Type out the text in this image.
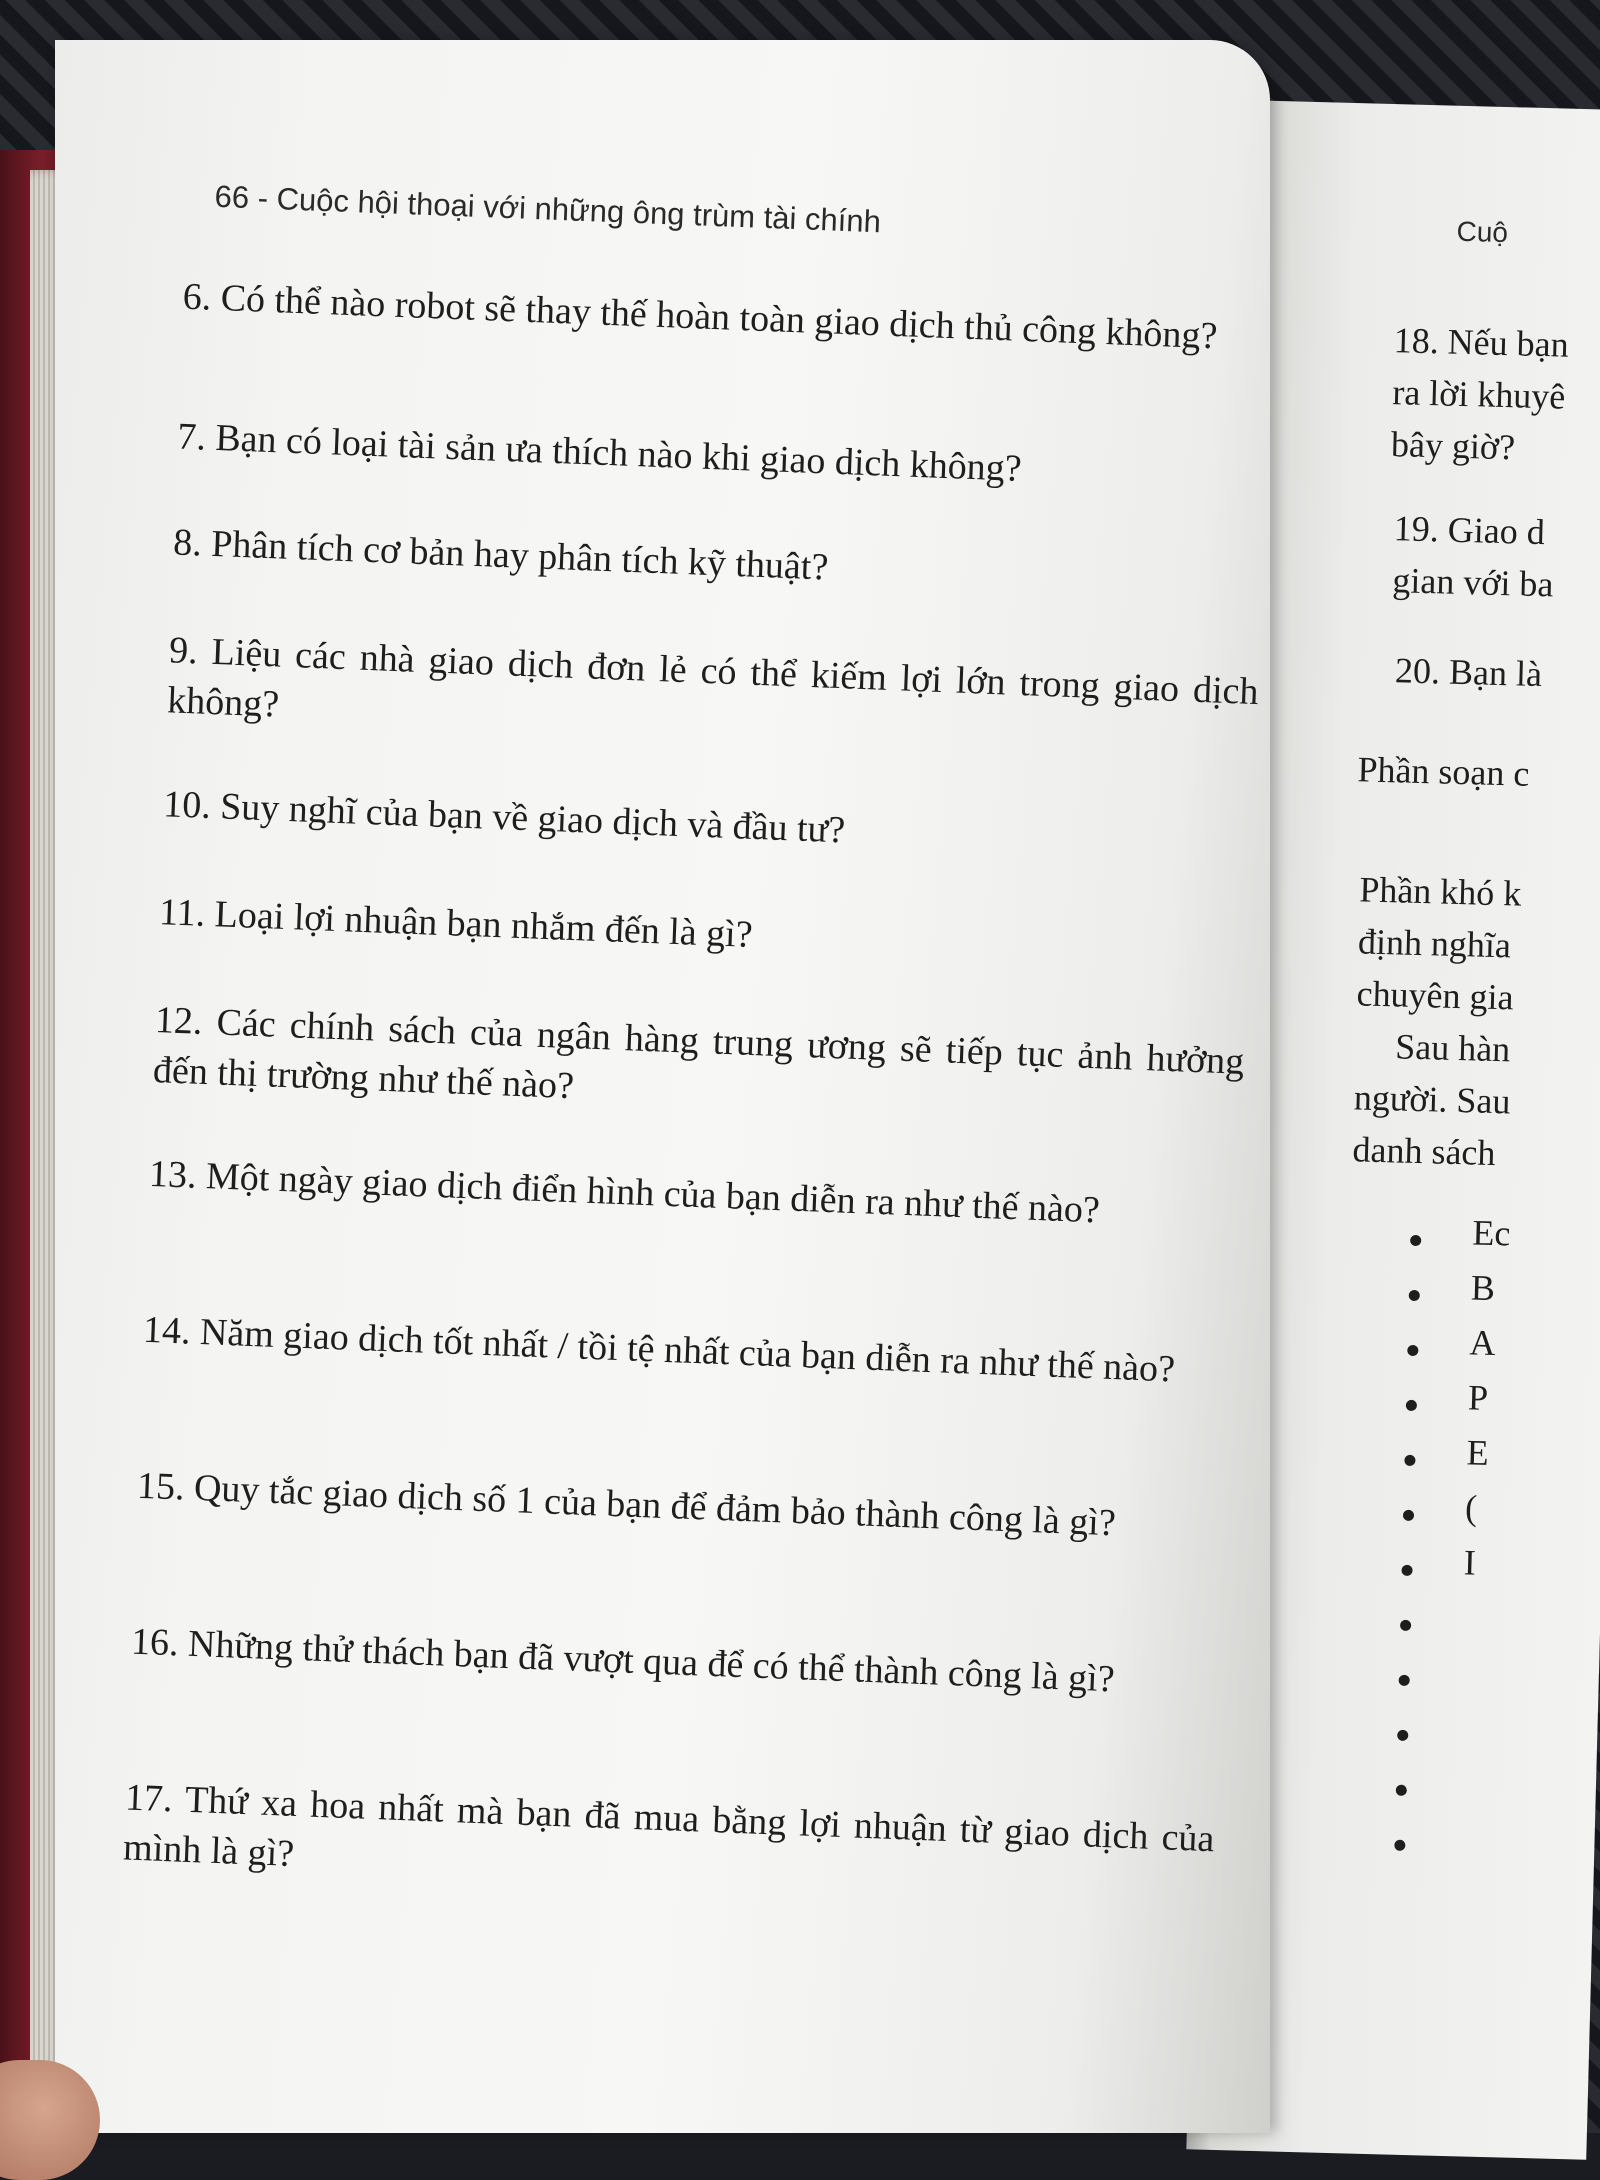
Cuộ
18. Nếu bạn
ra lời khuyê
bây giờ?
19. Giao d
gian với ba
20. Bạn là
Phần soạn c
Phần khó k
định nghĩa
chuyên gia
Sau hàn
người. Sau
danh sách
Ec
B
A
P
E
(
I
66 - Cuộc hội thoại với những ông trùm tài chính
6. Có thể nào robot sẽ thay thế hoàn toàn giao dịch thủ công không?
7. Bạn có loại tài sản ưa thích nào khi giao dịch không?
8. Phân tích cơ bản hay phân tích kỹ thuật?
9. Liệu các nhà giao dịch đơn lẻ có thể kiếm lợi lớn trong giao dịch không?
10. Suy nghĩ của bạn về giao dịch và đầu tư?
11. Loại lợi nhuận bạn nhắm đến là gì?
12. Các chính sách của ngân hàng trung ương sẽ tiếp tục ảnh hưởng đến thị trường như thế nào?
13. Một ngày giao dịch điển hình của bạn diễn ra như thế nào?
14. Năm giao dịch tốt nhất / tồi tệ nhất của bạn diễn ra như thế nào?
15. Quy tắc giao dịch số 1 của bạn để đảm bảo thành công là gì?
16. Những thử thách bạn đã vượt qua để có thể thành công là gì?
17. Thứ xa hoa nhất mà bạn đã mua bằng lợi nhuận từ giao dịch của mình là gì?
